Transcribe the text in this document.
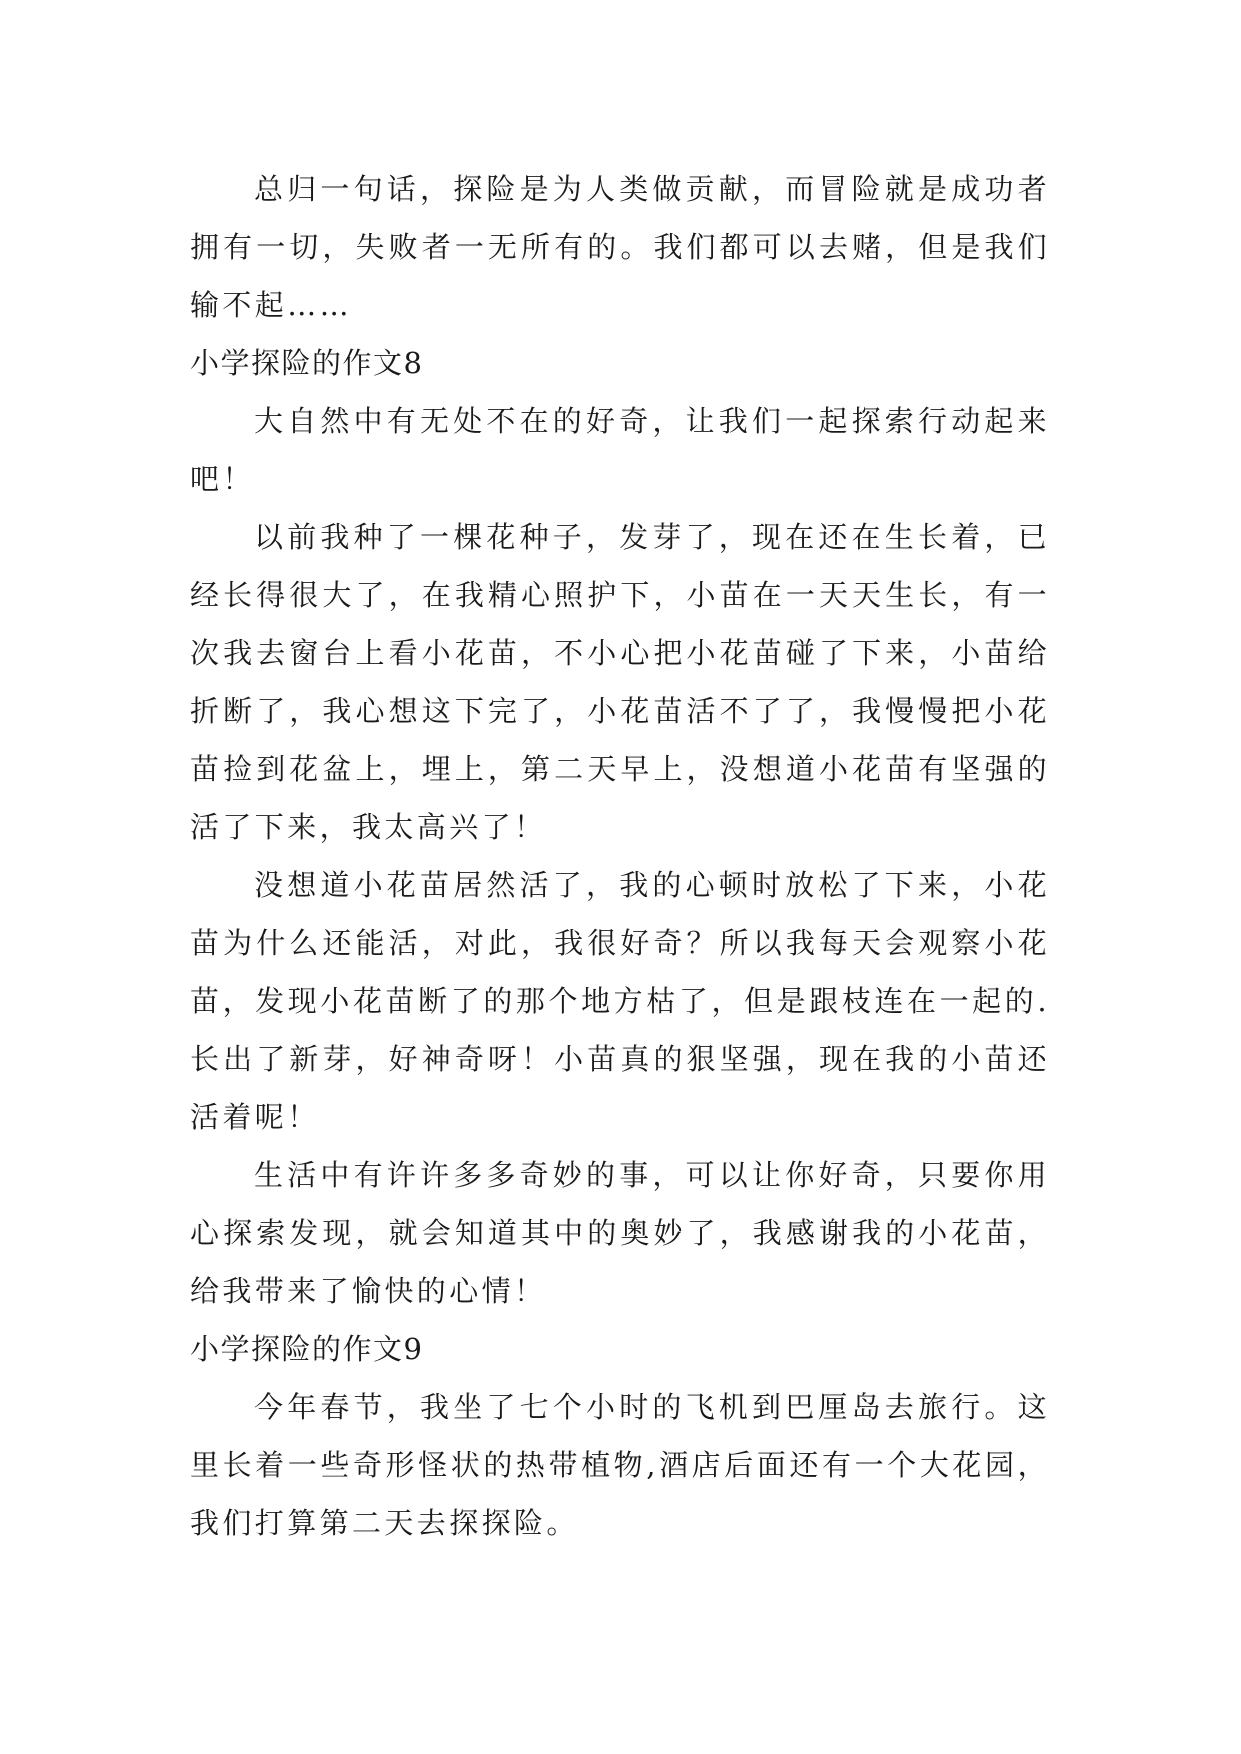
总归一句话，探险是为人类做贡献，而冒险就是成功者拥有一切，失败者一无所有的。我们都可以去赌，但是我们输不起……

小学探险的作文8

大自然中有无处不在的好奇，让我们一起探索行动起来吧！

以前我种了一棵花种子，发芽了，现在还在生长着，已经长得很大了，在我精心照护下，小苗在一天天生长，有一次我去窗台上看小花苗，不小心把小花苗碰了下来，小苗给折断了，我心想这下完了，小花苗活不了了，我慢慢把小花苗捡到花盆上，埋上，第二天早上，没想道小花苗有坚强的活了下来，我太高兴了！

没想道小花苗居然活了，我的心顿时放松了下来，小花苗为什么还能活，对此，我很好奇？所以我每天会观察小花苗，发现小花苗断了的那个地方枯了，但是跟枝连在一起的.长出了新芽，好神奇呀！小苗真的狠坚强，现在我的小苗还活着呢！

生活中有许许多多奇妙的事，可以让你好奇，只要你用心探索发现，就会知道其中的奥妙了，我感谢我的小花苗，给我带来了愉快的心情！

小学探险的作文9

今年春节，我坐了七个小时的飞机到巴厘岛去旅行。这里长着一些奇形怪状的热带植物,酒店后面还有一个大花园，我们打算第二天去探探险。
